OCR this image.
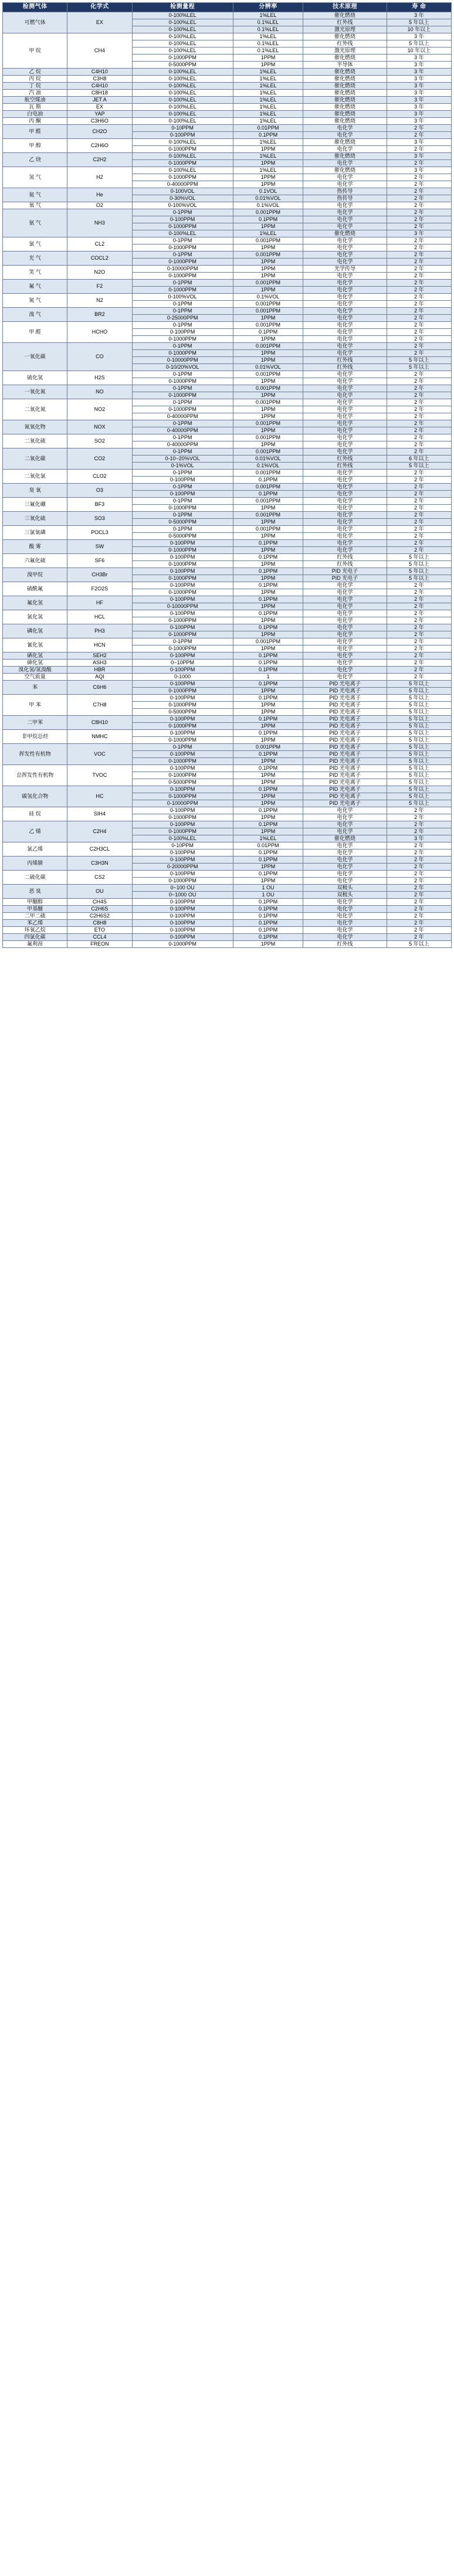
检测气体	化学式	检测量程	分辨率	技术原理	寿 命
可燃气体	EX	0-100%LEL	1%LEL	催化燃烧	3 年
		0-100%LEL	0.1%LEL	红外线	5 年以上
		0-100%LEL	0.1%LEL	激光原理	10 年以上
甲 烷	CH4	0-100%LEL	1%LEL	催化燃烧	3 年
		0-100%LEL	0.1%LEL	红外线	5 年以上
		0-100%LEL	0.1%LEL	激光原理	10 年以上
		0-1000PPM	1PPM	催化燃烧	3 年
		0-5000PPM	1PPM	半导体	3 年
乙 烷	C4H10	0-100%LEL	1%LEL	催化燃烧	3 年
丙 烷	C3H8	0-100%LEL	1%LEL	催化燃烧	3 年
丁 烷	C4H10	0-100%LEL	1%LEL	催化燃烧	3 年
汽 油	C8H18	0-100%LEL	1%LEL	催化燃烧	3 年
航空煤油	JET A	0-100%LEL	1%LEL	催化燃烧	3 年
瓦 斯	EX	0-100%LEL	1%LEL	催化燃烧	3 年
白电油	YAP	0-100%LEL	1%LEL	催化燃烧	3 年
丙 酮	C3H6O	0-100%LEL	1%LEL	催化燃烧	3 年
甲 醛	CH2O	0-10PPM	0.01PPM	电化学	2 年
		0-100PPM	0.1PPM	电化学	2 年
甲 醇	C2H6O	0-100%LEL	1%LEL	催化燃烧	3 年
		0-1000PPM	1PPM	电化学	2 年
乙 炔	C2H2	0-100%LEL	1%LEL	催化燃烧	3 年
		0-1000PPM	1PPM	电化学	2 年
氢 气	H2	0-100%LEL	1%LEL	催化燃烧	3 年
		0-1000PPM	1PPM	电化学	2 年
		0-40000PPM	1PPM	电化学	2 年
氦 气	He	0-100VOL	0.1VOL	热传导	2 年
		0-30%VOL	0.01%VOL	热传导	2 年
氧 气	O2	0-100%VOL	0.1%VOL	电化学	2 年
氨 气	NH3	0-1PPM	0.001PPM	电化学	2 年
		0-100PPM	0.1PPM	电化学	2 年
		0-1000PPM	1PPM	电化学	2 年
		0-100%LEL	1%LEL	催化燃烧	3 年
氯 气	CL2	0-1PPM	0.001PPM	电化学	2 年
		0-1000PPM	1PPM	电化学	2 年
光 气	COCL2	0-1PPM	0.001PPM	电化学	2 年
		0-1000PPM	1PPM	电化学	2 年
笑 气	N2O	0-10000PPM	1PPM	光学传导	2 年
		0-1000PPM	1PPM	电化学	2 年
氟 气	F2	0-1PPM	0.001PPM	电化学	2 年
		0-1000PPM	1PPM	电化学	2 年
氮 气	N2	0-100%VOL	0.1%VOL	电化学	2 年
		0-1PPM	0.001PPM	电化学	2 年
溴 气	BR2	0-1PPM	0.001PPM	电化学	2 年
		0-25000PPM	1PPM	电化学	2 年
甲 醛	HCHO	0-1PPM	0.001PPM	电化学	2 年
		0-100PPM	0.1PPM	电化学	2 年
		0-1000PPM	1PPM	电化学	2 年
一氧化碳	CO	0-1PPM	0.001PPM	电化学	2 年
		0-1000PPM	1PPM	电化学	2 年
		0-10000PPM	1PPM	红外线	5 年以上
		0-10/20%VOL	0.01%VOL	红外线	5 年以上
硫化氢	H2S	0-1PPM	0.001PPM	电化学	2 年
		0-1000PPM	1PPM	电化学	2 年
一氧化氮	NO	0-1PPM	0.001PPM	电化学	2 年
		0-1000PPM	1PPM	电化学	2 年
二氧化氮	NO2	0-1PPM	0.001PPM	电化学	2 年
		0-1000PPM	1PPM	电化学	2 年
		0-40000PPM	1PPM	电化学	2 年
氮氧化物	NOX	0-1PPM	0.001PPM	电化学	2 年
		0-40000PPM	1PPM	电化学	2 年
二氧化硫	SO2	0-1PPM	0.001PPM	电化学	2 年
		0-40000PPM	1PPM	电化学	2 年
二氧化碳	CO2	0-1PPM	0.001PPM	电化学	2 年
		0-10~20%VOL	0.01%VOL	红外线	6 年以上
		0-1%VOL	0.1%VOL	红外线	5 年以上
二氧化氯	CLO2	0-1PPM	0.001PPM	电化学	2 年
		0-100PPM	0.1PPM	电化学	2 年
臭 氧	O3	0-1PPM	0.001PPM	电化学	2 年
		0-100PPM	0.1PPM	电化学	2 年
三氟化硼	BF3	0-1PPM	0.001PPM	电化学	2 年
		0-1000PPM	1PPM	电化学	2 年
三氧化硫	SO3	0-1PPM	0.001PPM	电化学	2 年
		0-5000PPM	1PPM	电化学	2 年
三氯氧磷	POCL3	0-1PPM	0.001PPM	电化学	2 年
		0-5000PPM	1PPM	电化学	2 年
酸 雾	SW	0-100PPM	0.1PPM	电化学	2 年
		0-1000PPM	1PPM	电化学	2 年
六氟化硫	SF6	0-100PPM	0.1PPM	红外线	5 年以上
		0-1000PPM	1PPM	红外线	5 年以上
溴甲烷	CH3Br	0-100PPM	0.1PPM	PID 光电子	5 年以上
		0-1000PPM	1PPM	PID 光电子	5 年以上
硫酰氟	F2O2S	0-100PPM	0.1PPM	电化学	2 年
		0-1000PPM	1PPM	电化学	2 年
氟化氢	HF	0-100PPM	0.1PPM	电化学	2 年
		0-10000PPM	1PPM	电化学	2 年
氯化氢	HCL	0-100PPM	0.1PPM	电化学	2 年
		0-1000PPM	1PPM	电化学	2 年
磷化氢	PH3	0-100PPM	0.1PPM	电化学	2 年
		0-1000PPM	1PPM	电化学	2 年
氰化氢	HCN	0-1PPM	0.001PPM	电化学	2 年
		0-1000PPM	1PPM	电化学	2 年
硒化氢	SEH2	0-100PPM	0.1PPM	电化学	2 年
砷化氢	ASH3	0~10PPM	0.1PPM	电化学	2 年
溴化氢/氢溴酸	HBR	0-100PPM	0.1PPM	电化学	2 年
空气质量	AQI	0-1000	1	电化学	2 年
苯	C6H6	0-100PPM	0.1PPM	PID 光电离子	5 年以上
		0-1000PPM	1PPM	PID 光电离子	5 年以上
甲 苯	C7H8	0-100PPM	0.1PPM	PID 光电离子	5 年以上
		0-1000PPM	1PPM	PID 光电离子	5 年以上
		0-5000PPM	1PPM	PID 光电离子	5 年以上
二甲苯	C8H10	0-100PPM	0.1PPM	PID 光电离子	5 年以上
		0-1000PPM	1PPM	PID 光电离子	5 年以上
非甲烷总烃	NMHC	0-100PPM	0.1PPM	PID 光电离子	5 年以上
		0-1000PPM	1PPM	PID 光电离子	5 年以上
挥发性有机物	VOC	0-1PPM	0.001PPM	PID 光电离子	5 年以上
		0-100PPM	0.1PPM	PID 光电离子	5 年以上
		0-1000PPM	1PPM	PID 光电离子	5 年以上
总挥发性有机物	TVOC	0-100PPM	0.1PPM	PID 光电离子	5 年以上
		0-1000PPM	1PPM	PID 光电离子	5 年以上
		0-5000PPM	1PPM	PID 光电离子	5 年以上
碳氢化合物	HC	0-100PPM	0.1PPM	PID 光电离子	5 年以上
		0-1000PPM	1PPM	PID 光电离子	5 年以上
		0-10000PPM	1PPM	PID 光电离子	5 年以上
硅 烷	SIH4	0-100PPM	0.1PPM	电化学	2 年
		0-1000PPM	1PPM	电化学	2 年
乙 烯	C2H4	0-100PPM	0.1PPM	电化学	2 年
		0-1000PPM	1PPM	电化学	2 年
		0-100%LEL	1%LEL	催化燃烧	3 年
氯乙烯	C2H3CL	0-10PPM	0.01PPM	电化学	2 年
		0-100PPM	0.1PPM	电化学	2 年
丙烯腈	C3H3N	0-100PPM	0.1PPM	电化学	2 年
		0-20000PPM	1PPM	电化学	2 年
二硫化碳	CS2	0-100PPM	0.1PPM	电化学	2 年
		0-1000PPM	1PPM	电化学	2 年
恶 臭	OU	0~100 OU	1 OU	双极头	2 年
		0~1000 OU	1 OU	双极头	2 年
甲醚醇	CH4S	0-100PPM	0.1PPM	电化学	2 年
甲基醚	C2H6S	0-100PPM	0.1PPM	电化学	2 年
二甲二硫	C2H6S2	0-100PPM	0.1PPM	电化学	2 年
苯乙烯	C8H8	0-100PPM	0.1PPM	电化学	2 年
环氧乙烷	ETO	0-100PPM	0.1PPM	电化学	2 年
四氯化碳	CCL4	0-100PPM	0.1PPM	电化学	2 年
氟利昂	FREON	0-1000PPM	1PPM	红外线	5 年以上
